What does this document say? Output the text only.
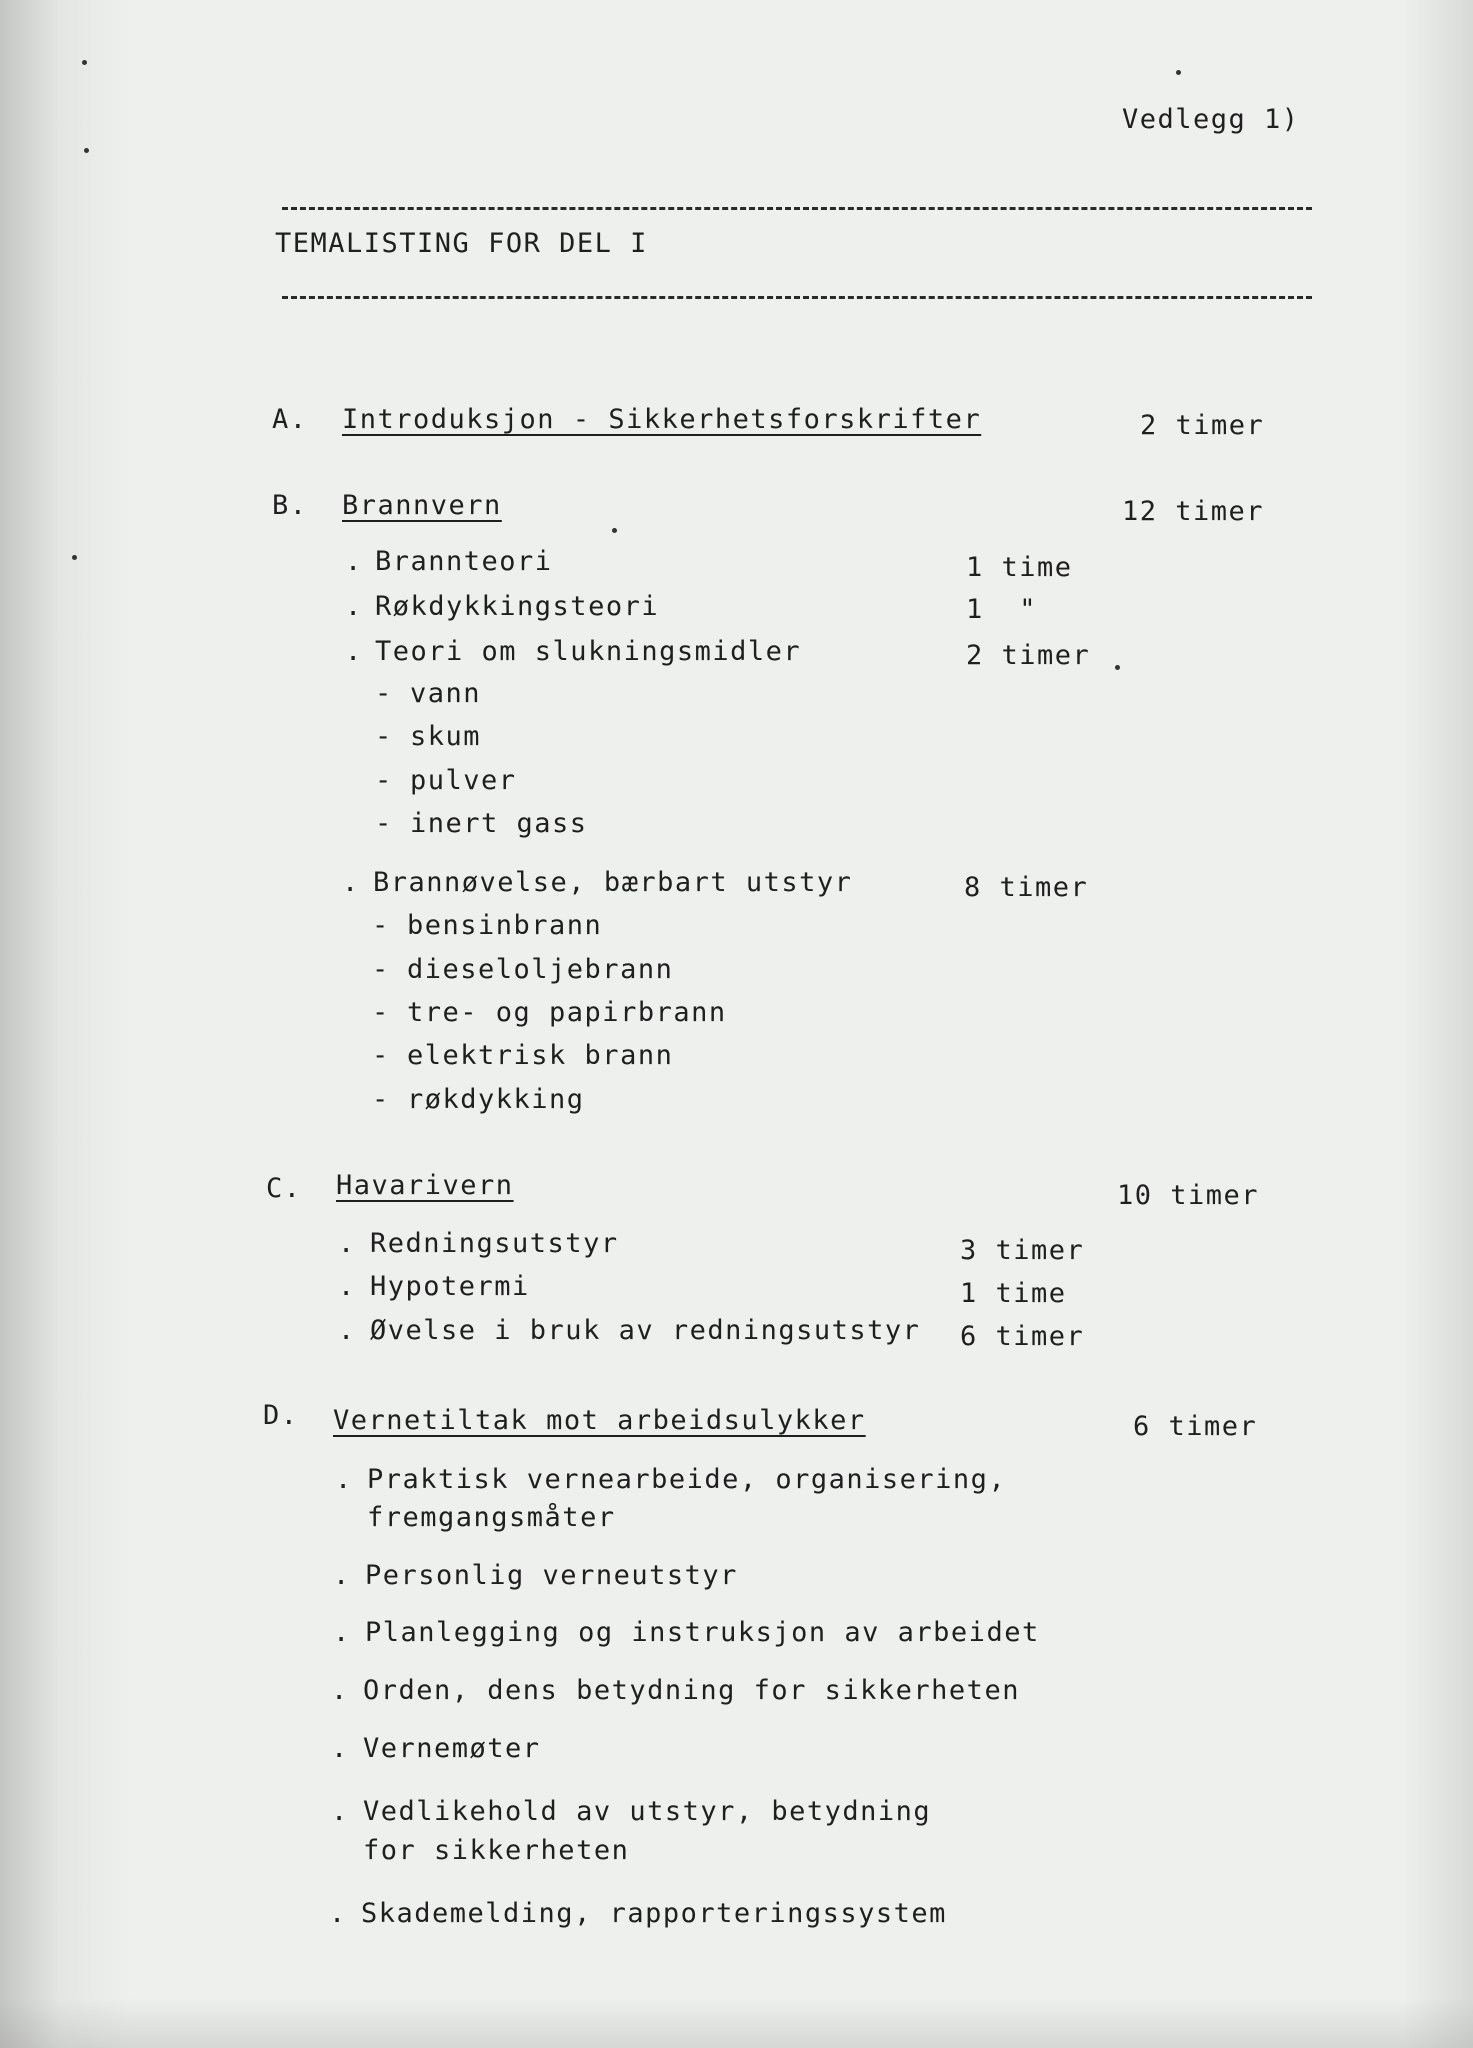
Vedlegg 1)
TEMALISTING FOR DEL I
A. Introduksjon - Sikkerhetsforskrifter	2 timer
B. Brannvern	12 timer
. Brannteori	1 time
. Røkdykkingsteori	1  "
. Teori om slukningsmidler	2 timer
- vann
- skum
- pulver
- inert gass
. Brannøvelse, bærbart utstyr	8 timer
- bensinbrann
- dieseloljebrann
- tre- og papirbrann
- elektrisk brann
- røkdykking
C. Havarivern	10 timer
. Redningsutstyr	3 timer
. Hypotermi	1 time
. Øvelse i bruk av redningsutstyr 6 timer
D. Vernetiltak mot arbeidsulykker	6 timer
. Praktisk vernearbeide, organisering,
fremgangsmåter
. Personlig verneutstyr
. Planlegging og instruksjon av arbeidet
. Orden, dens betydning for sikkerheten
. Vernemøter
. Vedlikehold av utstyr, betydning
for sikkerheten
. Skademelding, rapporteringssystem
